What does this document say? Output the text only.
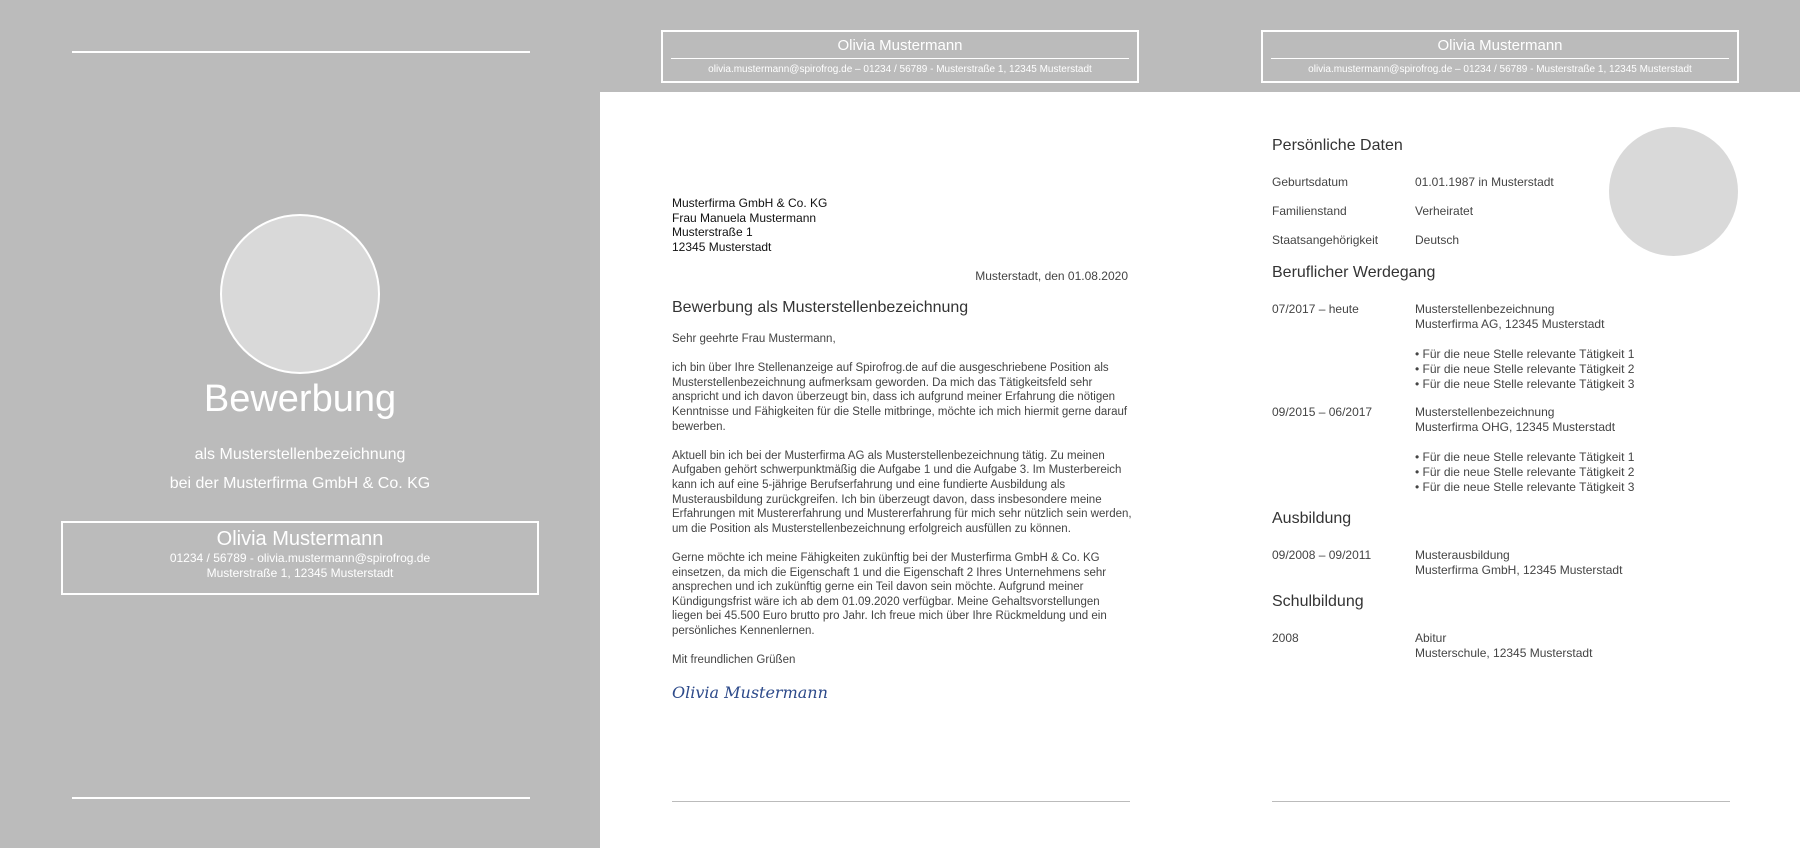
Bewerbung
als Musterstellenbezeichnung
bei der Musterfirma GmbH & Co. KG
Olivia Mustermann
01234 / 56789 - olivia.mustermann@spirofrog.de
Musterstraße 1, 12345 Musterstadt
Olivia Mustermann
olivia.mustermann@spirofrog.de – 01234 / 56789 - Musterstraße 1, 12345 Musterstadt
Musterfirma GmbH & Co. KG
Frau Manuela Mustermann
Musterstraße 1
12345 Musterstadt
Musterstadt, den 01.08.2020
Bewerbung als Musterstellenbezeichnung
Sehr geehrte Frau Mustermann,
ich bin über Ihre Stellenanzeige auf Spirofrog.de auf die ausgeschriebene Position als Musterstellenbezeichnung aufmerksam geworden. Da mich das Tätigkeitsfeld sehr anspricht und ich davon überzeugt bin, dass ich aufgrund meiner Erfahrung die nötigen Kenntnisse und Fähigkeiten für die Stelle mitbringe, möchte ich mich hiermit gerne darauf bewerben.
Aktuell bin ich bei der Musterfirma AG als Musterstellenbezeichnung tätig. Zu meinen Aufgaben gehört schwerpunktmäßig die Aufgabe 1 und die Aufgabe 3. Im Musterbereich kann ich auf eine 5-jährige Berufserfahrung und eine fundierte Ausbildung als Musterausbildung zurückgreifen. Ich bin überzeugt davon, dass insbesondere meine Erfahrungen mit Mustererfahrung und Mustererfahrung für mich sehr nützlich sein werden, um die Position als Musterstellenbezeichnung erfolgreich ausfüllen zu können.
Gerne möchte ich meine Fähigkeiten zukünftig bei der Musterfirma GmbH & Co. KG einsetzen, da mich die Eigenschaft 1 und die Eigenschaft 2 Ihres Unternehmens sehr ansprechen und ich zukünftig gerne ein Teil davon sein möchte. Aufgrund meiner Kündigungsfrist wäre ich ab dem 01.09.2020 verfügbar. Meine Gehaltsvorstellungen liegen bei 45.500 Euro brutto pro Jahr. Ich freue mich über Ihre Rückmeldung und ein persönliches Kennenlernen.
Mit freundlichen Grüßen
Olivia Mustermann
Olivia Mustermann
olivia.mustermann@spirofrog.de – 01234 / 56789 - Musterstraße 1, 12345 Musterstadt
Persönliche Daten
Geburtsdatum	01.01.1987 in Musterstadt
Familienstand	Verheiratet
Staatsangehörigkeit	Deutsch
Beruflicher Werdegang
07/2017 – heute	Musterstellenbezeichnung
Musterfirma AG, 12345 Musterstadt
• Für die neue Stelle relevante Tätigkeit 1
• Für die neue Stelle relevante Tätigkeit 2
• Für die neue Stelle relevante Tätigkeit 3
09/2015 – 06/2017	Musterstellenbezeichnung
Musterfirma OHG, 12345 Musterstadt
• Für die neue Stelle relevante Tätigkeit 1
• Für die neue Stelle relevante Tätigkeit 2
• Für die neue Stelle relevante Tätigkeit 3
Ausbildung
09/2008 – 09/2011	Musterausbildung
Musterfirma GmbH, 12345 Musterstadt
Schulbildung
2008	Abitur
Musterschule, 12345 Musterstadt
